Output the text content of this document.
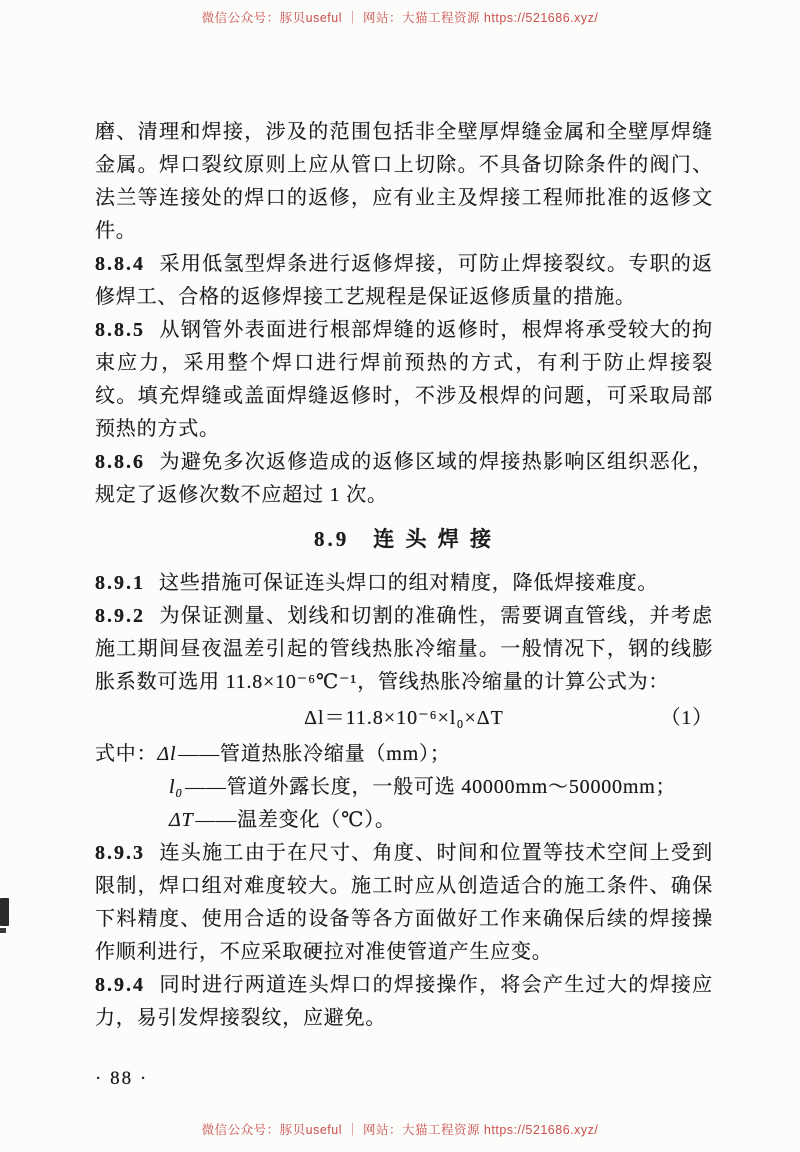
微信公众号：豚贝useful ｜ 网站：大猫工程资源 https://521686.xyz/

磨、清理和焊接，涉及的范围包括非全壁厚焊缝金属和全壁厚焊缝金属。焊口裂纹原则上应从管口上切除。不具备切除条件的阀门、法兰等连接处的焊口的返修，应有业主及焊接工程师批准的返修文件。

8.8.4 采用低氢型焊条进行返修焊接，可防止焊接裂纹。专职的返修焊工、合格的返修焊接工艺规程是保证返修质量的措施。

8.8.5 从钢管外表面进行根部焊缝的返修时，根焊将承受较大的拘束应力，采用整个焊口进行焊前预热的方式，有利于防止焊接裂纹。填充焊缝或盖面焊缝返修时，不涉及根焊的问题，可采取局部预热的方式。

8.8.6 为避免多次返修造成的返修区域的焊接热影响区组织恶化，规定了返修次数不应超过 1 次。

8.9　连 头 焊 接

8.9.1 这些措施可保证连头焊口的组对精度，降低焊接难度。

8.9.2 为保证测量、划线和切割的准确性，需要调直管线，并考虑施工期间昼夜温差引起的管线热胀冷缩量。一般情况下，钢的线膨胀系数可选用 11.8×10⁻⁶℃⁻¹，管线热胀冷缩量的计算公式为：

Δl＝11.8×10⁻⁶×l₀×ΔT	（1）

式中：Δl ——管道热胀冷缩量（mm）；

l₀ ——管道外露长度，一般可选 40000mm～50000mm；

ΔT ——温差变化（℃）。

8.9.3 连头施工由于在尺寸、角度、时间和位置等技术空间上受到限制，焊口组对难度较大。施工时应从创造适合的施工条件、确保下料精度、使用合适的设备等各方面做好工作来确保后续的焊接操作顺利进行，不应采取硬拉对准使管道产生应变。

8.9.4 同时进行两道连头焊口的焊接操作，将会产生过大的焊接应力，易引发焊接裂纹，应避免。

· 88 ·
微信公众号：豚贝useful ｜ 网站：大猫工程资源 https://521686.xyz/
